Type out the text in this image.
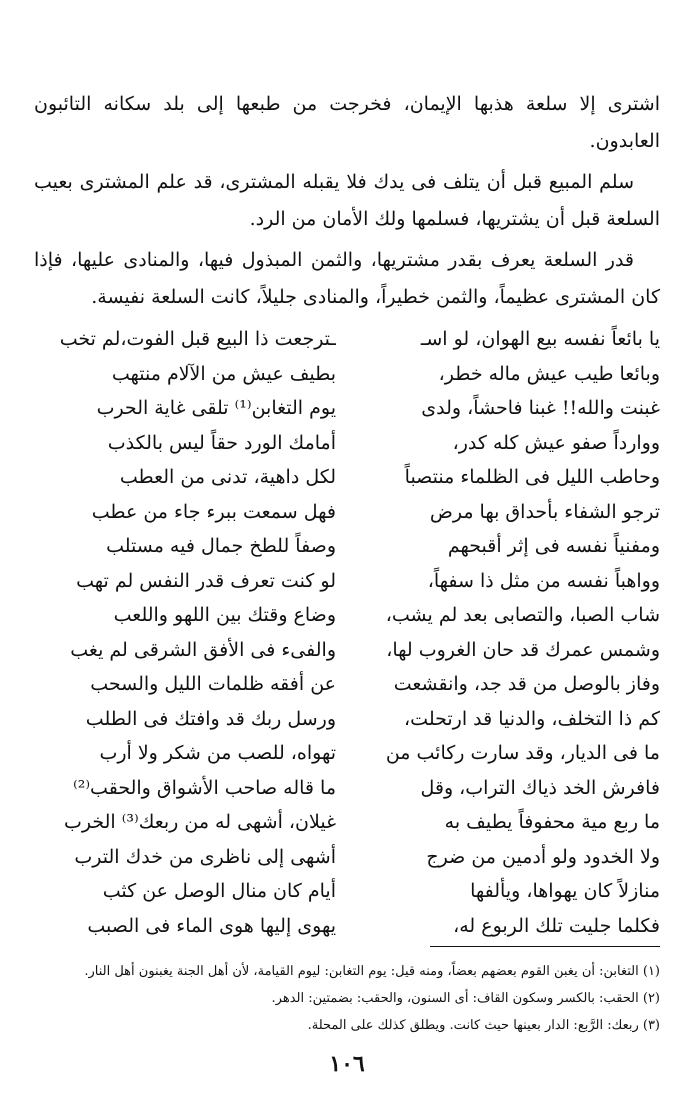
اشترى إلا سلعة هذبها الإيمان، فخرجت من طبعها إلى بلد سكانه التائبون العابدون.

سلم المبيع قبل أن يتلف فى يدك فلا يقبله المشترى، قد علم المشترى بعيب السلعة قبل أن يشتريها، فسلمها ولك الأمان من الرد.

قدر السلعة يعرف بقدر مشتريها، والثمن المبذول فيها، والمنادى عليها، فإذا كان المشترى عظيماً، والثمن خطيراً، والمنادى جليلاً، كانت السلعة نفيسة.

يا بائعاً نفسه بيع الهوان، لو اسـ
وبائعا طيب عيش ماله خطر،
غبنت والله!! غبنا فاحشاً، ولدى
ووارداً صفو عيش كله كدر،
وحاطب الليل فى الظلماء منتصباً
ترجو الشفاء بأحداق بها مرض
ومفنياً نفسه فى إثر أقبحهم
وواهباً نفسه من مثل ذا سفهاً،
شاب الصبا، والتصابى بعد لم يشب،
وشمس عمرك قد حان الغروب لها،
وفاز بالوصل من قد جد، وانقشعت
كم ذا التخلف، والدنيا قد ارتحلت،
ما فى الديار، وقد سارت ركائب من
فافرش الخد ذياك التراب، وقل
ما ربع مية محفوفاً يطيف به
ولا الخدود ولو أدمين من ضرج
منازلاً كان يهواها، ويألفها
فكلما جليت تلك الربوع له،
ـترجعت ذا البيع قبل الفوت،لم تخب
بطيف عيش من الآلام منتهب
يوم التغابن⁽¹⁾ تلقى غاية الحرب
أمامك الورد حقاً ليس بالكذب
لكل داهية، تدنى من العطب
فهل سمعت ببرء جاء من عطب
وصفاً للطخ جمال فيه مستلب
لو كنت تعرف قدر النفس لم تهب
وضاع وقتك بين اللهو واللعب
والفىء فى الأفق الشرقى لم يغب
عن أفقه ظلمات الليل والسحب
ورسل ربك قد وافتك فى الطلب
تهواه، للصب من شكر ولا أرب
ما قاله صاحب الأشواق والحقب⁽²⁾
غيلان، أشهى له من ربعك⁽³⁾ الخرب
أشهى إلى ناظرى من خدك الترب
أيام كان منال الوصل عن كثب
يهوى إليها هوى الماء فى الصبب
(١) التغابن: أن يغبن القوم بعضهم بعضاً، ومنه قيل: يوم التغابن: ليوم القيامة، لأن أهل الجنة يغبنون أهل النار.
(٢) الحقب: بالكسر وسكون القاف: أى السنون، والحقب: بضمتين: الدهر.
(٣) ربعك: الرَّبع: الدار بعينها حيث كانت. ويطلق كذلك على المحلة.
١٠٦
